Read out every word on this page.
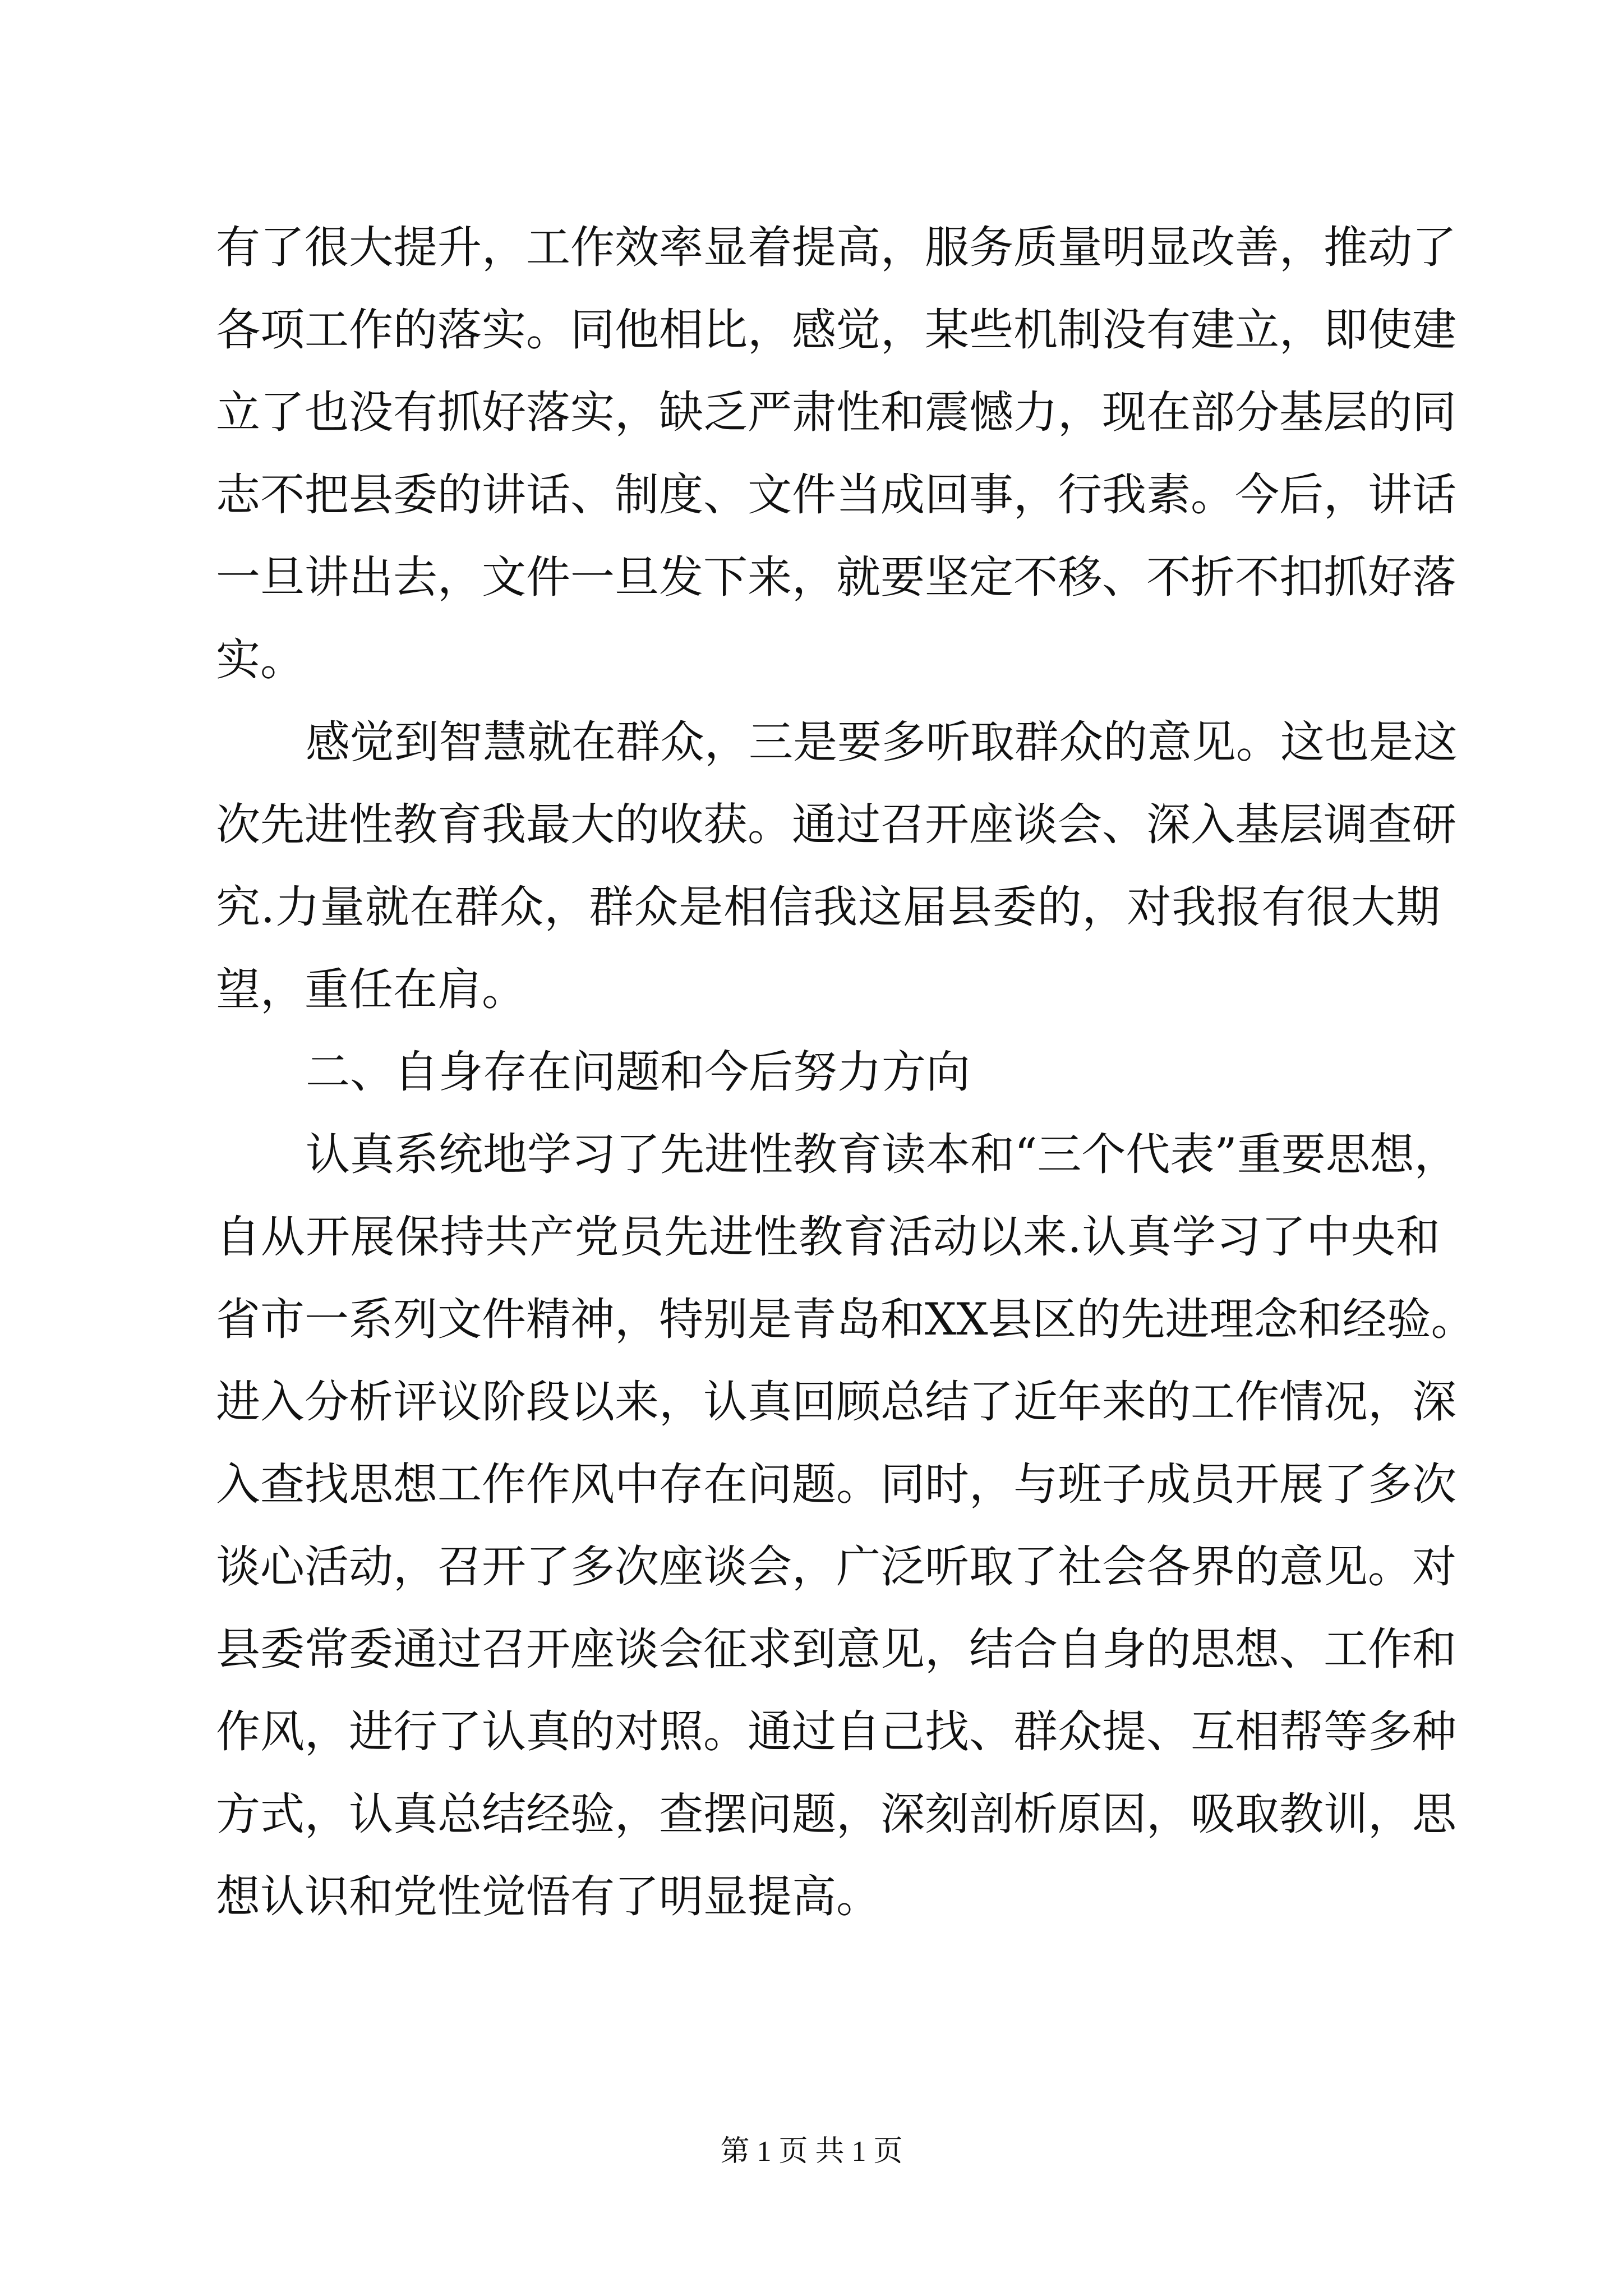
有了很大提升，工作效率显着提高，服务质量明显改善，推动了
各项工作的落实。同他相比，感觉，某些机制没有建立，即使建
立了也没有抓好落实，缺乏严肃性和震憾力，现在部分基层的同
志不把县委的讲话、制度、文件当成回事，行我素。今后，讲话
一旦讲出去，文件一旦发下来，就要坚定不移、不折不扣抓好落
实。
感觉到智慧就在群众，三是要多听取群众的意见。这也是这
次先进性教育我最大的收获。通过召开座谈会、深入基层调查研
究.力量就在群众，群众是相信我这届县委的，对我报有很大期
望，重任在肩。
二、自身存在问题和今后努力方向
认真系统地学习了先进性教育读本和“三个代表”重要思想，
自从开展保持共产党员先进性教育活动以来.认真学习了中央和
省市一系列文件精神，特别是青岛和XX县区的先进理念和经验。
进入分析评议阶段以来，认真回顾总结了近年来的工作情况，深
入查找思想工作作风中存在问题。同时，与班子成员开展了多次
谈心活动，召开了多次座谈会，广泛听取了社会各界的意见。对
县委常委通过召开座谈会征求到意见，结合自身的思想、工作和
作风，进行了认真的对照。通过自己找、群众提、互相帮等多种
方式，认真总结经验，查摆问题，深刻剖析原因，吸取教训，思
想认识和党性觉悟有了明显提高。
第 1 页 共 1 页
